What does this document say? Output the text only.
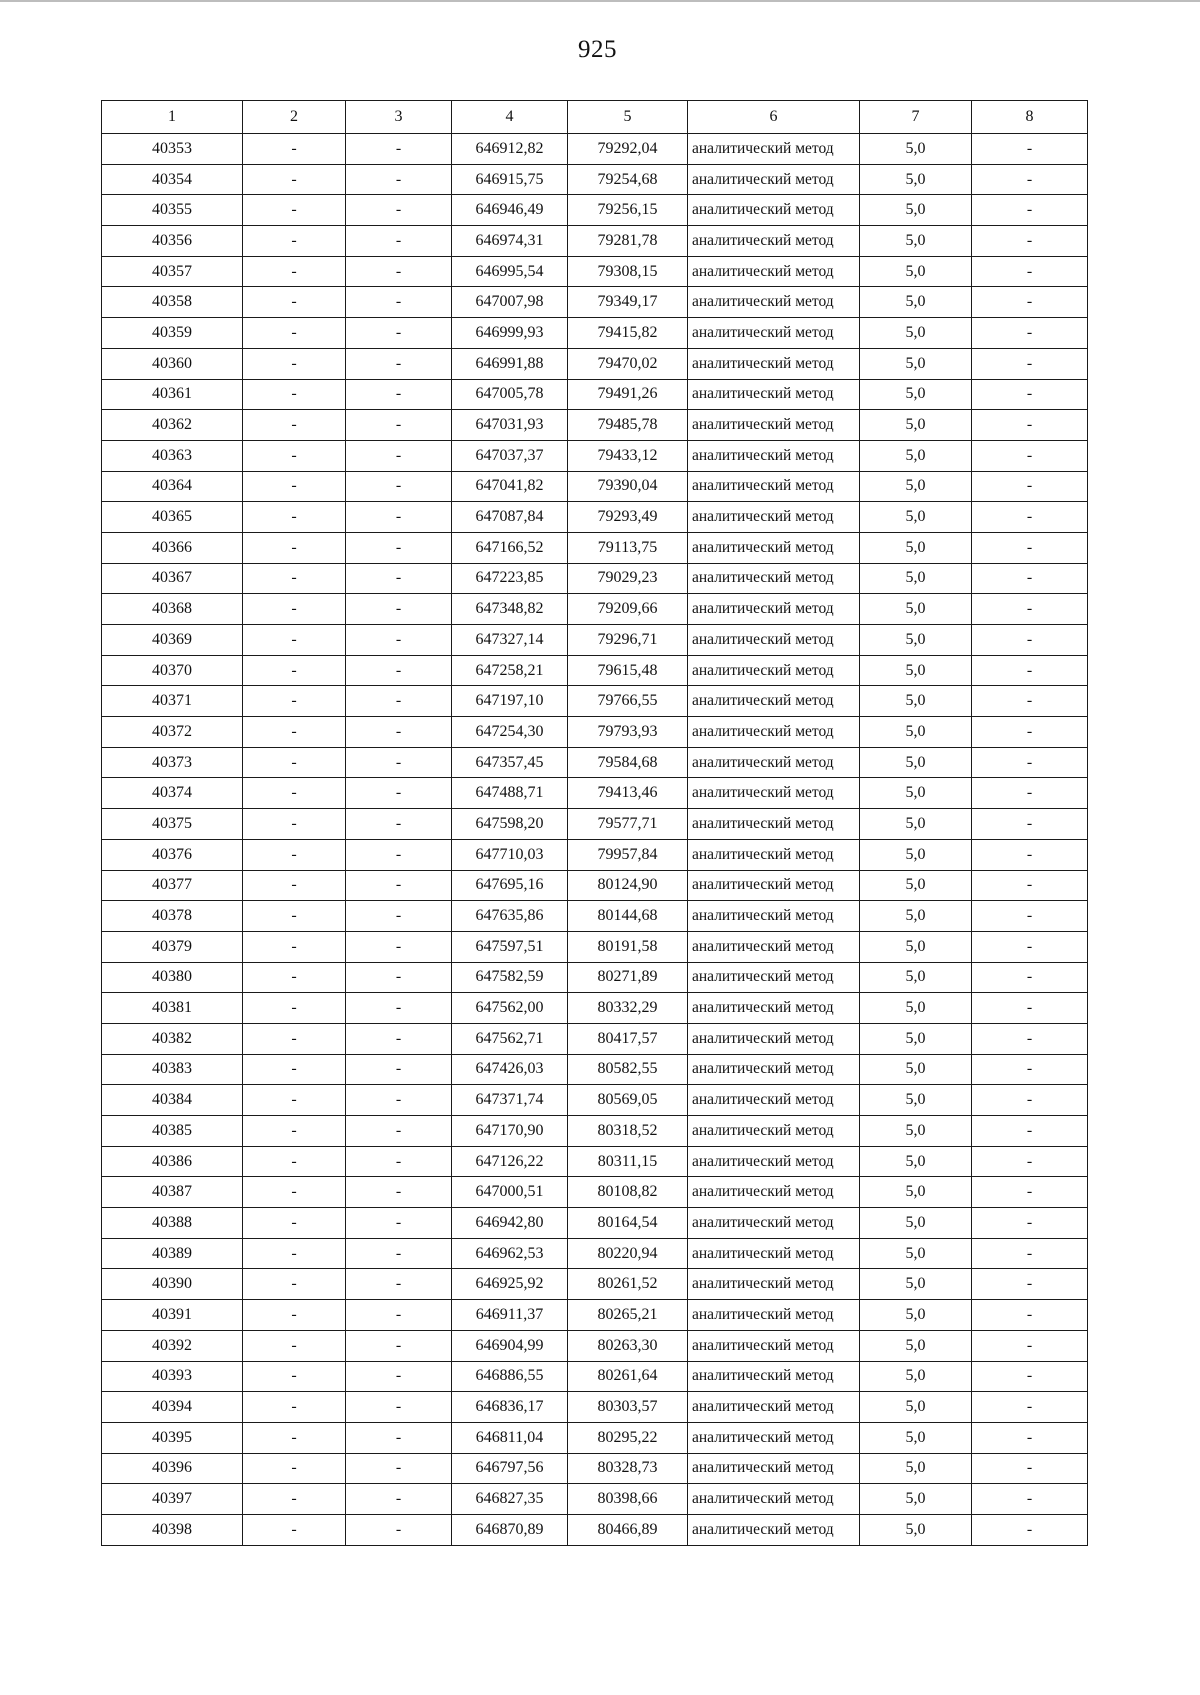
925
1	2	3	4	5	6	7	8
40353	-	-	646912,82	79292,04	аналитический метод	5,0	-
40354	-	-	646915,75	79254,68	аналитический метод	5,0	-
40355	-	-	646946,49	79256,15	аналитический метод	5,0	-
40356	-	-	646974,31	79281,78	аналитический метод	5,0	-
40357	-	-	646995,54	79308,15	аналитический метод	5,0	-
40358	-	-	647007,98	79349,17	аналитический метод	5,0	-
40359	-	-	646999,93	79415,82	аналитический метод	5,0	-
40360	-	-	646991,88	79470,02	аналитический метод	5,0	-
40361	-	-	647005,78	79491,26	аналитический метод	5,0	-
40362	-	-	647031,93	79485,78	аналитический метод	5,0	-
40363	-	-	647037,37	79433,12	аналитический метод	5,0	-
40364	-	-	647041,82	79390,04	аналитический метод	5,0	-
40365	-	-	647087,84	79293,49	аналитический метод	5,0	-
40366	-	-	647166,52	79113,75	аналитический метод	5,0	-
40367	-	-	647223,85	79029,23	аналитический метод	5,0	-
40368	-	-	647348,82	79209,66	аналитический метод	5,0	-
40369	-	-	647327,14	79296,71	аналитический метод	5,0	-
40370	-	-	647258,21	79615,48	аналитический метод	5,0	-
40371	-	-	647197,10	79766,55	аналитический метод	5,0	-
40372	-	-	647254,30	79793,93	аналитический метод	5,0	-
40373	-	-	647357,45	79584,68	аналитический метод	5,0	-
40374	-	-	647488,71	79413,46	аналитический метод	5,0	-
40375	-	-	647598,20	79577,71	аналитический метод	5,0	-
40376	-	-	647710,03	79957,84	аналитический метод	5,0	-
40377	-	-	647695,16	80124,90	аналитический метод	5,0	-
40378	-	-	647635,86	80144,68	аналитический метод	5,0	-
40379	-	-	647597,51	80191,58	аналитический метод	5,0	-
40380	-	-	647582,59	80271,89	аналитический метод	5,0	-
40381	-	-	647562,00	80332,29	аналитический метод	5,0	-
40382	-	-	647562,71	80417,57	аналитический метод	5,0	-
40383	-	-	647426,03	80582,55	аналитический метод	5,0	-
40384	-	-	647371,74	80569,05	аналитический метод	5,0	-
40385	-	-	647170,90	80318,52	аналитический метод	5,0	-
40386	-	-	647126,22	80311,15	аналитический метод	5,0	-
40387	-	-	647000,51	80108,82	аналитический метод	5,0	-
40388	-	-	646942,80	80164,54	аналитический метод	5,0	-
40389	-	-	646962,53	80220,94	аналитический метод	5,0	-
40390	-	-	646925,92	80261,52	аналитический метод	5,0	-
40391	-	-	646911,37	80265,21	аналитический метод	5,0	-
40392	-	-	646904,99	80263,30	аналитический метод	5,0	-
40393	-	-	646886,55	80261,64	аналитический метод	5,0	-
40394	-	-	646836,17	80303,57	аналитический метод	5,0	-
40395	-	-	646811,04	80295,22	аналитический метод	5,0	-
40396	-	-	646797,56	80328,73	аналитический метод	5,0	-
40397	-	-	646827,35	80398,66	аналитический метод	5,0	-
40398	-	-	646870,89	80466,89	аналитический метод	5,0	-
